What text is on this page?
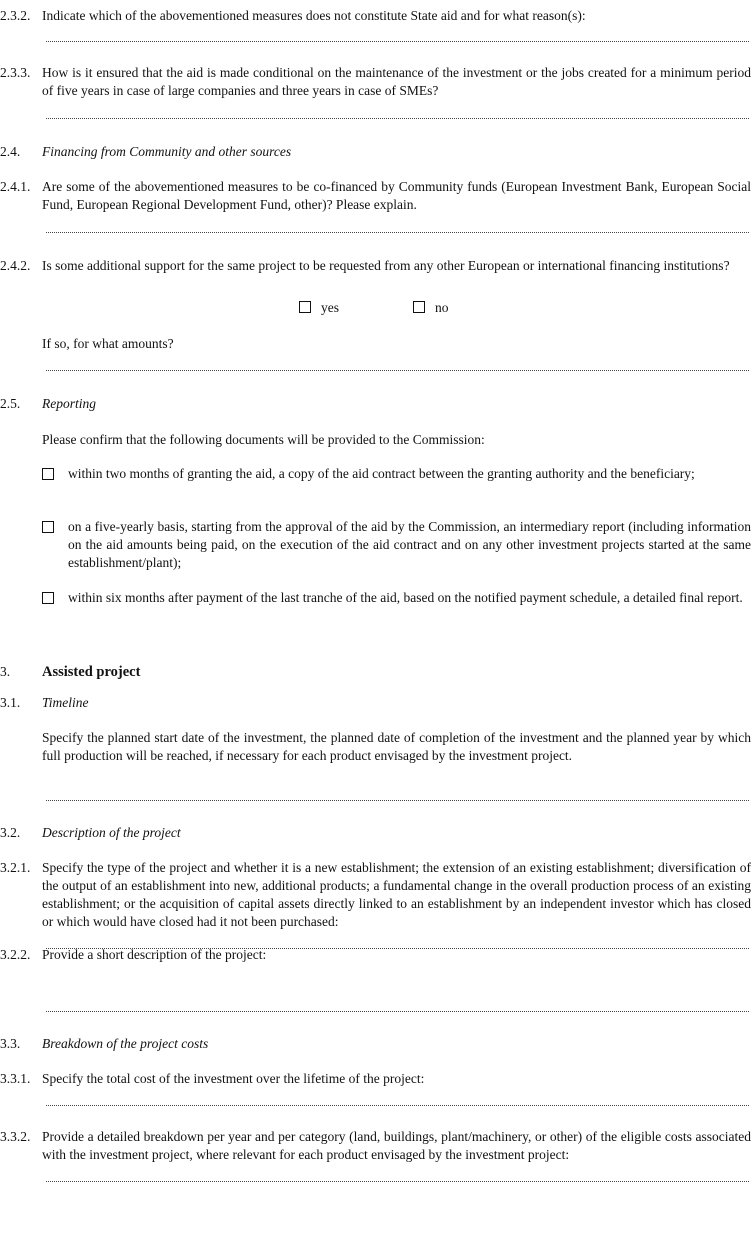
2.3.2. Indicate which of the abovementioned measures does not constitute State aid and for what reason(s):
2.3.3. How is it ensured that the aid is made conditional on the maintenance of the investment or the jobs created for a minimum period of five years in case of large companies and three years in case of SMEs?
2.4. Financing from Community and other sources
2.4.1. Are some of the abovementioned measures to be co-financed by Community funds (European Investment Bank, European Social Fund, European Regional Development Fund, other)? Please explain.
2.4.2. Is some additional support for the same project to be requested from any other European or international financing institutions?
yes	no
If so, for what amounts?
2.5. Reporting
Please confirm that the following documents will be provided to the Commission:
within two months of granting the aid, a copy of the aid contract between the granting authority and the beneficiary;
on a five-yearly basis, starting from the approval of the aid by the Commission, an intermediary report (including information on the aid amounts being paid, on the execution of the aid contract and on any other investment projects started at the same establishment/plant);
within six months after payment of the last tranche of the aid, based on the notified payment schedule, a detailed final report.
3. Assisted project
3.1. Timeline
Specify the planned start date of the investment, the planned date of completion of the investment and the planned year by which full production will be reached, if necessary for each product envisaged by the investment project.
3.2. Description of the project
3.2.1. Specify the type of the project and whether it is a new establishment; the extension of an existing establishment; diversification of the output of an establishment into new, additional products; a fundamental change in the overall production process of an existing establishment; or the acquisition of capital assets directly linked to an establishment by an independent investor which has closed or which would have closed had it not been purchased:
3.2.2. Provide a short description of the project:
3.3. Breakdown of the project costs
3.3.1. Specify the total cost of the investment over the lifetime of the project:
3.3.2. Provide a detailed breakdown per year and per category (land, buildings, plant/machinery, or other) of the eligible costs associated with the investment project, where relevant for each product envisaged by the investment project:
